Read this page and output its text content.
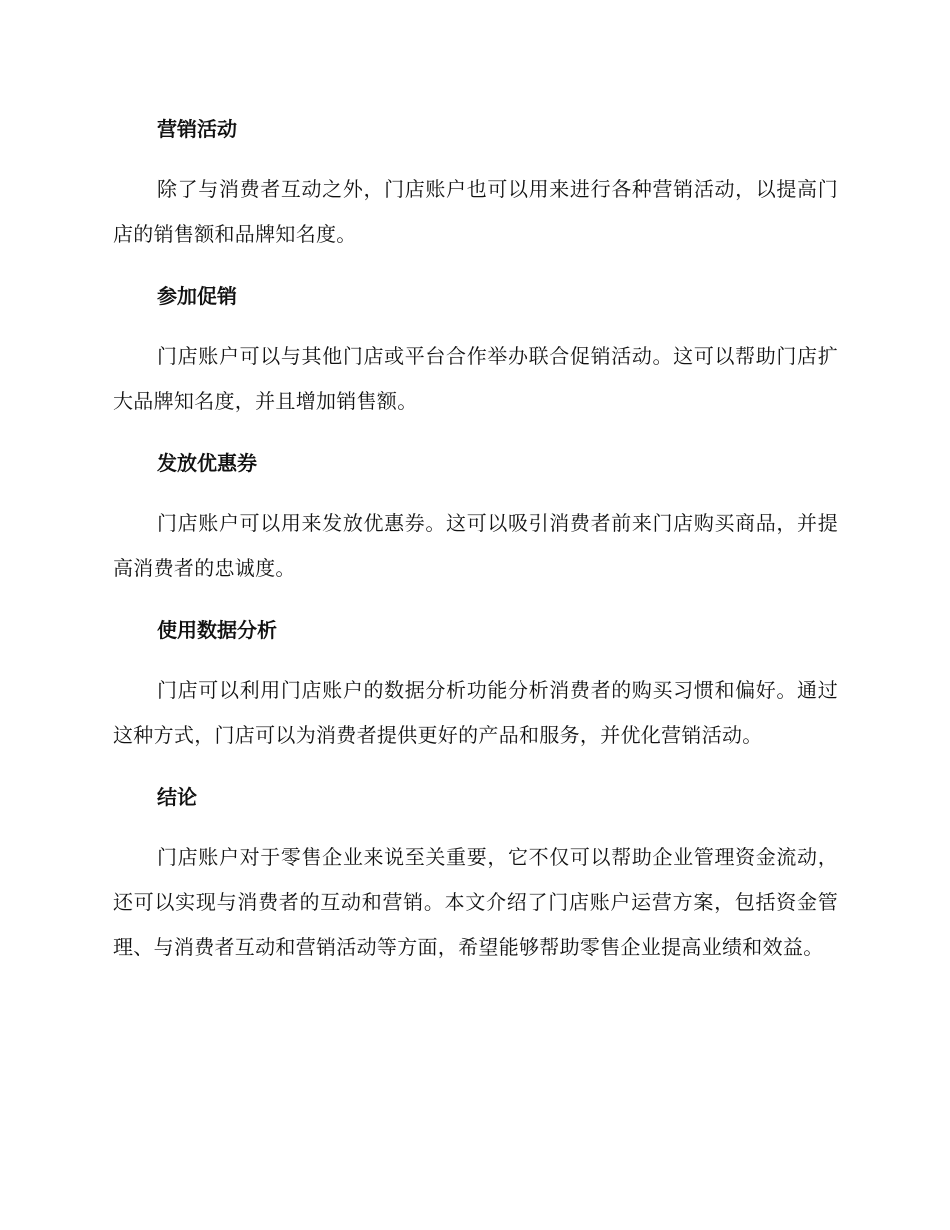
营销活动

除了与消费者互动之外，门店账户也可以用来进行各种营销活动，以提高门店的销售额和品牌知名度。

参加促销

门店账户可以与其他门店或平台合作举办联合促销活动。这可以帮助门店扩大品牌知名度，并且增加销售额。

发放优惠券

门店账户可以用来发放优惠券。这可以吸引消费者前来门店购买商品，并提高消费者的忠诚度。

使用数据分析

门店可以利用门店账户的数据分析功能分析消费者的购买习惯和偏好。通过这种方式，门店可以为消费者提供更好的产品和服务，并优化营销活动。

结论

门店账户对于零售企业来说至关重要，它不仅可以帮助企业管理资金流动，还可以实现与消费者的互动和营销。本文介绍了门店账户运营方案，包括资金管理、与消费者互动和营销活动等方面，希望能够帮助零售企业提高业绩和效益。
